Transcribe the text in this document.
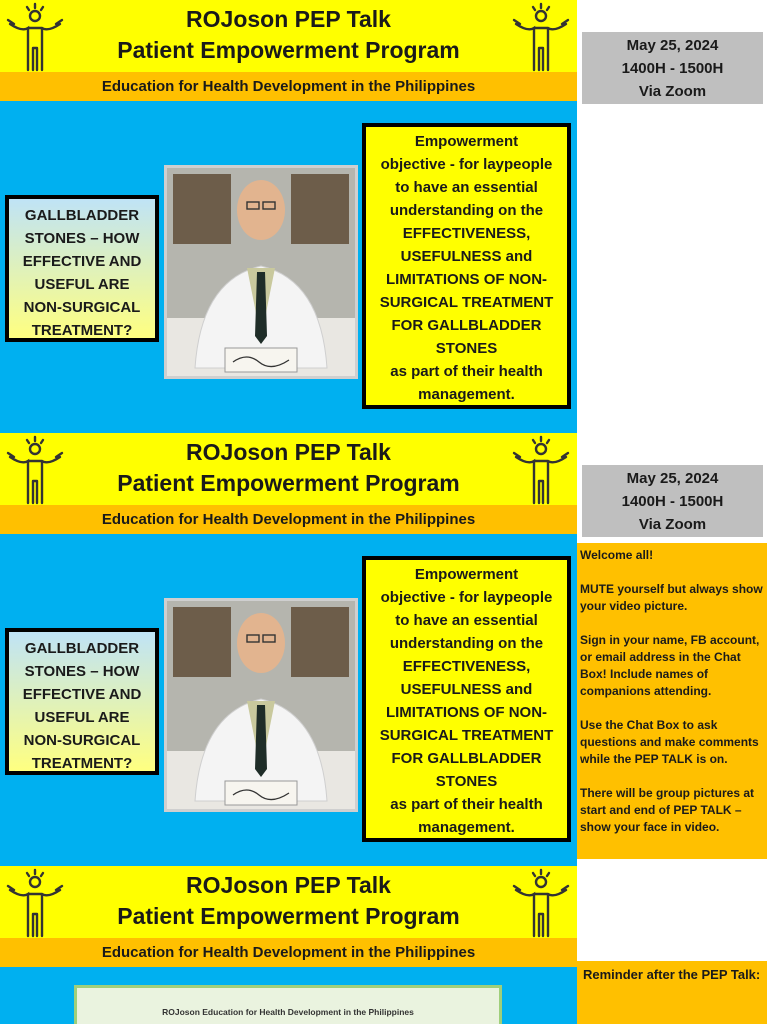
ROJoson PEP Talk
Patient Empowerment Program
Education for Health Development in the Philippines
GALLBLADDER
STONES – HOW
EFFECTIVE AND
USEFUL ARE
NON-SURGICAL
TREATMENT?
Empowerment
objective - for laypeople
to have an essential
understanding on the
EFFECTIVENESS,
USEFULNESS and
LIMITATIONS OF NON-
SURGICAL TREATMENT
FOR GALLBLADDER
STONES
as part of their health
management.
May 25, 2024
1400H - 1500H
Via Zoom
ROJoson PEP Talk
Patient Empowerment Program
Education for Health Development in the Philippines
GALLBLADDER
STONES – HOW
EFFECTIVE AND
USEFUL ARE
NON-SURGICAL
TREATMENT?
Empowerment
objective - for laypeople
to have an essential
understanding on the
EFFECTIVENESS,
USEFULNESS and
LIMITATIONS OF NON-
SURGICAL TREATMENT
FOR GALLBLADDER
STONES
as part of their health
management.
May 25, 2024
1400H - 1500H
Via Zoom

Welcome all!

MUTE yourself but always show your video picture.

Sign in your name, FB account, or email address in the Chat Box! Include names of companions attending.

Use the Chat Box to ask questions and make comments while the PEP TALK is on.

There will be group pictures at start and end of PEP TALK – show your face in video.

ROJoson PEP Talk
Patient Empowerment Program
Education for Health Development in the Philippines
ROJoson Education for Health Development in the Philippines
Reminder after the PEP Talk:
